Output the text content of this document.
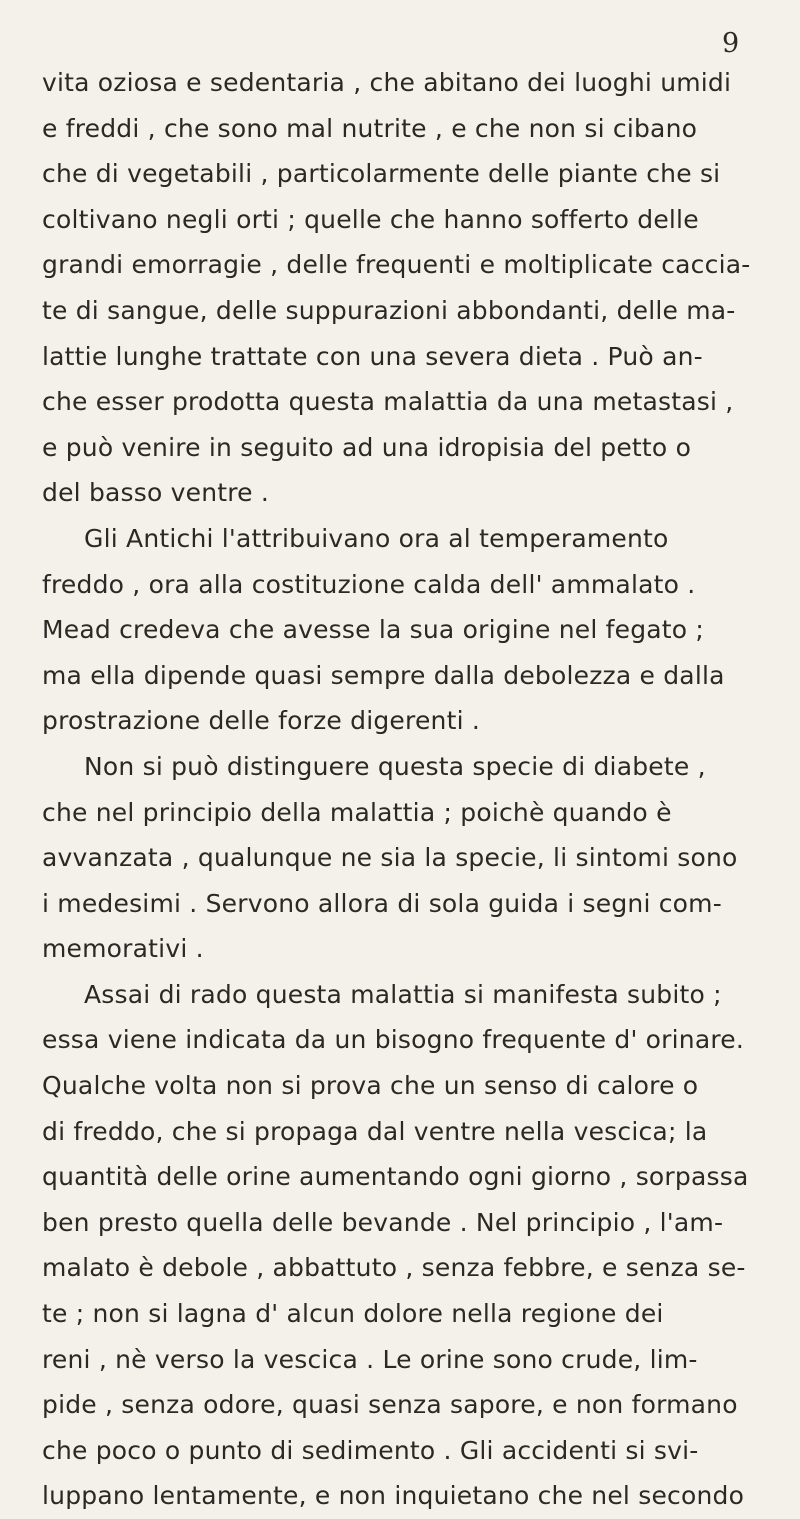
9
vita oziosa e sedentaria , che abitano dei luoghi umidi
e freddi , che sono mal nutrite , e che non si cibano
che di vegetabili , particolarmente delle piante che si
coltivano negli orti ; quelle che hanno sofferto delle
grandi emorragie , delle frequenti e moltiplicate caccia-
te di sangue, delle suppurazioni abbondanti, delle ma-
lattie lunghe trattate con una severa dieta . Può an-
che esser prodotta questa malattia da una metastasi ,
e può venire in seguito ad una idropisia del petto o
del basso ventre .
Gli Antichi l'attribuivano ora al temperamento
freddo , ora alla costituzione calda dell' ammalato .
Mead credeva che avesse la sua origine nel fegato ;
ma ella dipende quasi sempre dalla debolezza e dalla
prostrazione delle forze digerenti .
Non si può distinguere questa specie di diabete ,
che nel principio della malattia ; poichè quando è
avvanzata , qualunque ne sia la specie, li sintomi sono
i medesimi . Servono allora di sola guida i segni com-
memorativi .
Assai di rado questa malattia si manifesta subito ;
essa viene indicata da un bisogno frequente d' orinare.
Qualche volta non si prova che un senso di calore o
di freddo, che si propaga dal ventre nella vescica; la
quantità delle orine aumentando ogni giorno , sorpassa
ben presto quella delle bevande . Nel principio , l'am-
malato è debole , abbattuto , senza febbre, e senza se-
te ; non si lagna d' alcun dolore nella regione dei
reni , nè verso la vescica . Le orine sono crude, lim-
pide , senza odore, quasi senza sapore, e non formano
che poco o punto di sedimento . Gli accidenti si svi-
luppano lentamente, e non inquietano che nel secondo
